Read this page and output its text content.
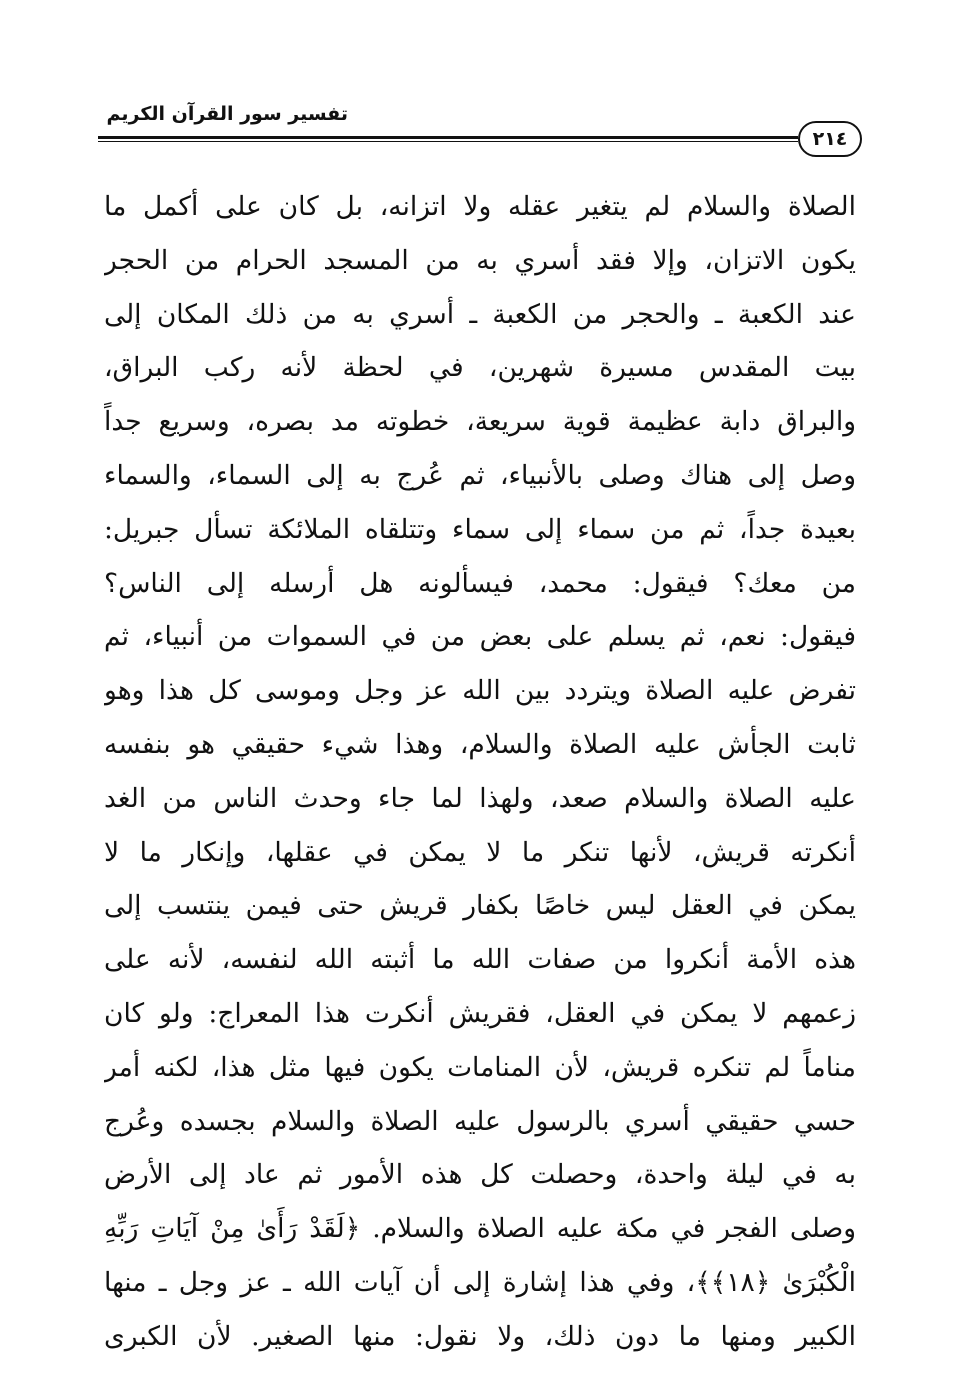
تفسير سور القرآن الكريم
٢١٤
الصلاة والسلام لم يتغير عقله ولا اتزانه، بل كان على أكمل ما
يكون الاتزان، وإلا فقد أسري به من المسجد الحرام من الحجر
عند الكعبة ـ والحجر من الكعبة ـ أسري به من ذلك المكان إلى
بيت المقدس مسيرة شهرين، في لحظة لأنه ركب البراق،
والبراق دابة عظيمة قوية سريعة، خطوته مد بصره، وسريع جداً
وصل إلى هناك وصلى بالأنبياء، ثم عُرج به إلى السماء، والسماء
بعيدة جداً، ثم من سماء إلى سماء وتتلقاه الملائكة تسأل جبريل:
من معك؟ فيقول: محمد، فيسألونه هل أرسله إلى الناس؟
فيقول: نعم، ثم يسلم على بعض من في السموات من أنبياء، ثم
تفرض عليه الصلاة ويتردد بين الله عز وجل وموسى كل هذا وهو
ثابت الجأش عليه الصلاة والسلام، وهذا شيء حقيقي هو بنفسه
عليه الصلاة والسلام صعد، ولهذا لما جاء وحدث الناس من الغد
أنكرته قريش، لأنها تنكر ما لا يمكن في عقلها، وإنكار ما لا
يمكن في العقل ليس خاصًا بكفار قريش حتى فيمن ينتسب إلى
هذه الأمة أنكروا من صفات الله ما أثبته الله لنفسه، لأنه على
زعمهم لا يمكن في العقل، فقريش أنكرت هذا المعراج: ولو كان
مناماً لم تنكره قريش، لأن المنامات يكون فيها مثل هذا، لكنه أمر
حسي حقيقي أسري بالرسول عليه الصلاة والسلام بجسده وعُرج
به في ليلة واحدة، وحصلت كل هذه الأمور ثم عاد إلى الأرض
وصلى الفجر في مكة عليه الصلاة والسلام. ﴿لَقَدْ رَأَىٰ مِنْ آيَاتِ رَبِّهِ
الْكُبْرَىٰ ﴿١٨﴾﴾، وفي هذا إشارة إلى أن آيات الله ـ عز وجل ـ منها
الكبير ومنها ما دون ذلك، ولا نقول: منها الصغير. لأن الكبرى
